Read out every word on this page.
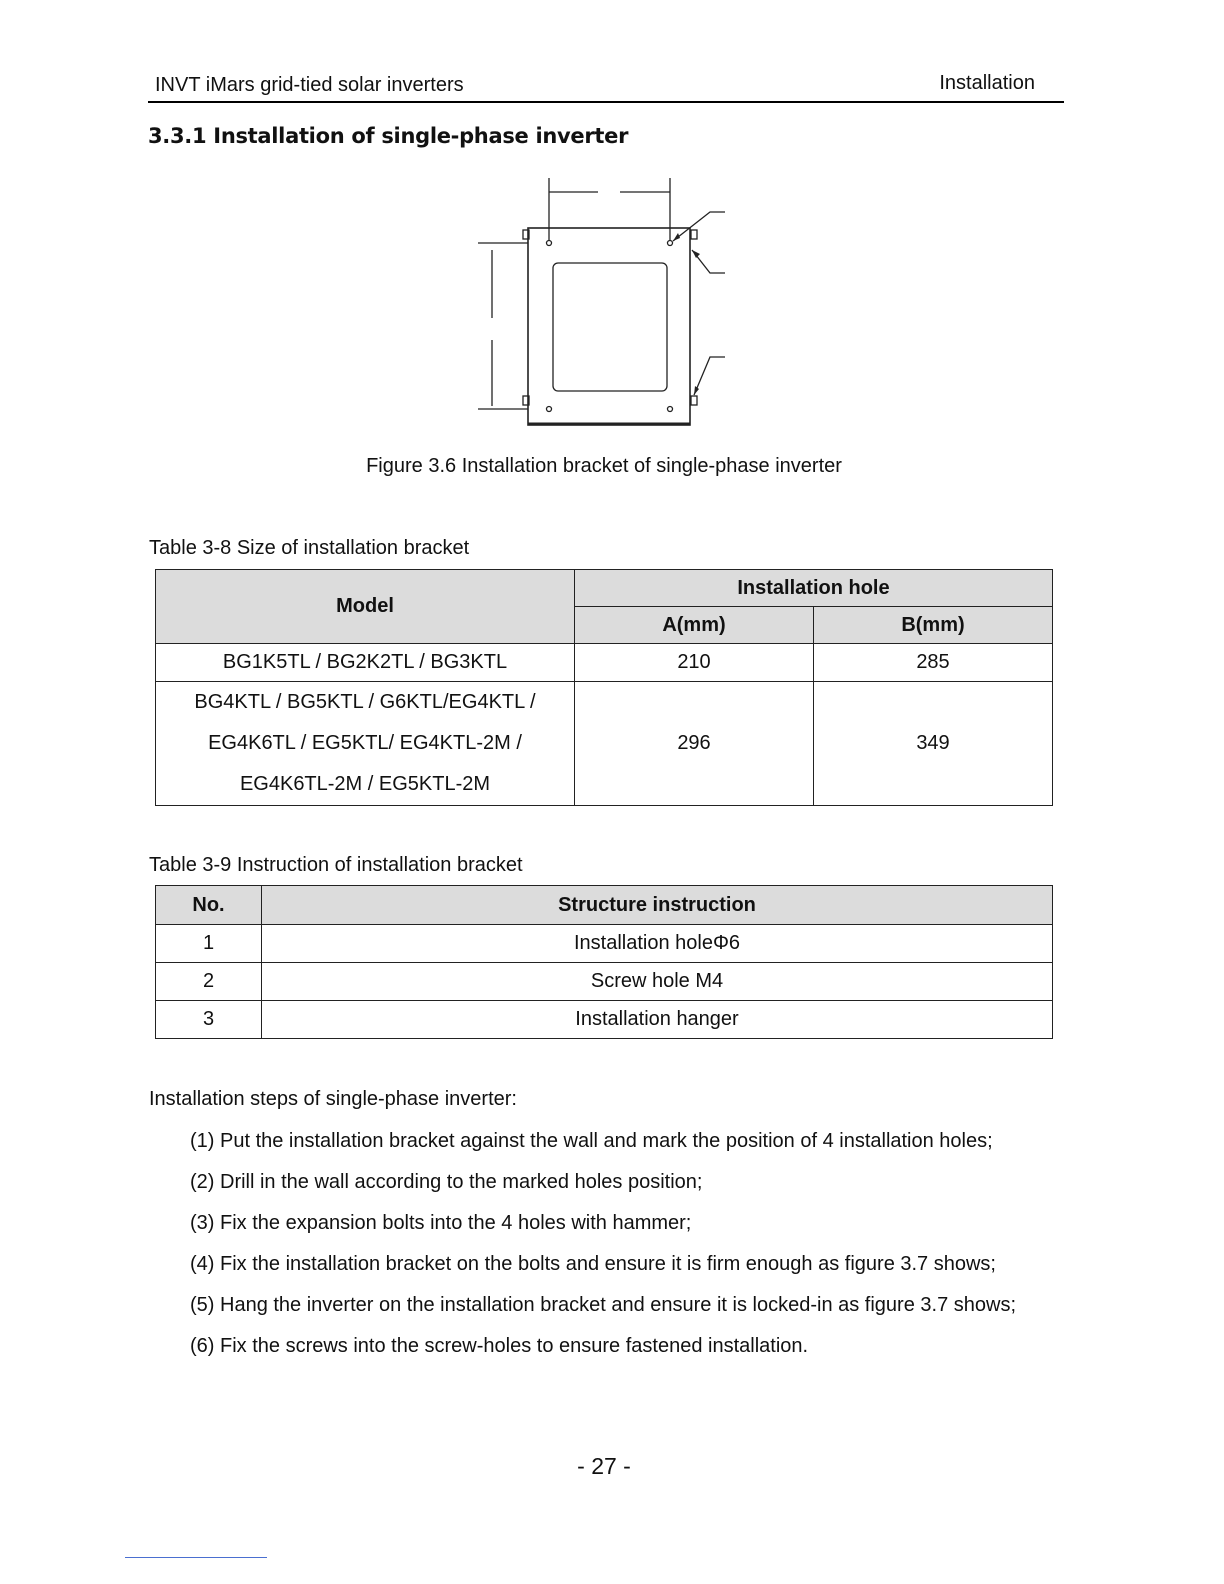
INVT iMars grid-tied solar inverters	Installation
3.3.1 Installation of single-phase inverter
Figure 3.6 Installation bracket of single-phase inverter
Table 3-8 Size of installation bracket
Model	Installation hole	
	A(mm)	B(mm)
BG1K5TL / BG2K2TL / BG3KTL	210	285

BG4KTL / BG5KTL / G6KTL/EG4KTL /
EG4K6TL / EG5KTL/ EG4KTL-2M /
EG4K6TL-2M / EG5KTL-2M	296	349
Table 3-9 Instruction of installation bracket
No.	Structure instruction
1	Installation holeΦ6
2	Screw hole M4
3	Installation hanger
Installation steps of single-phase inverter:
(1) Put the installation bracket against the wall and mark the position of 4 installation holes;
(2) Drill in the wall according to the marked holes position;
(3) Fix the expansion bolts into the 4 holes with hammer;
(4) Fix the installation bracket on the bolts and ensure it is firm enough as figure 3.7 shows;
(5) Hang the inverter on the installation bracket and ensure it is locked-in as figure 3.7 shows;
(6) Fix the screws into the screw-holes to ensure fastened installation.
- 27 -
